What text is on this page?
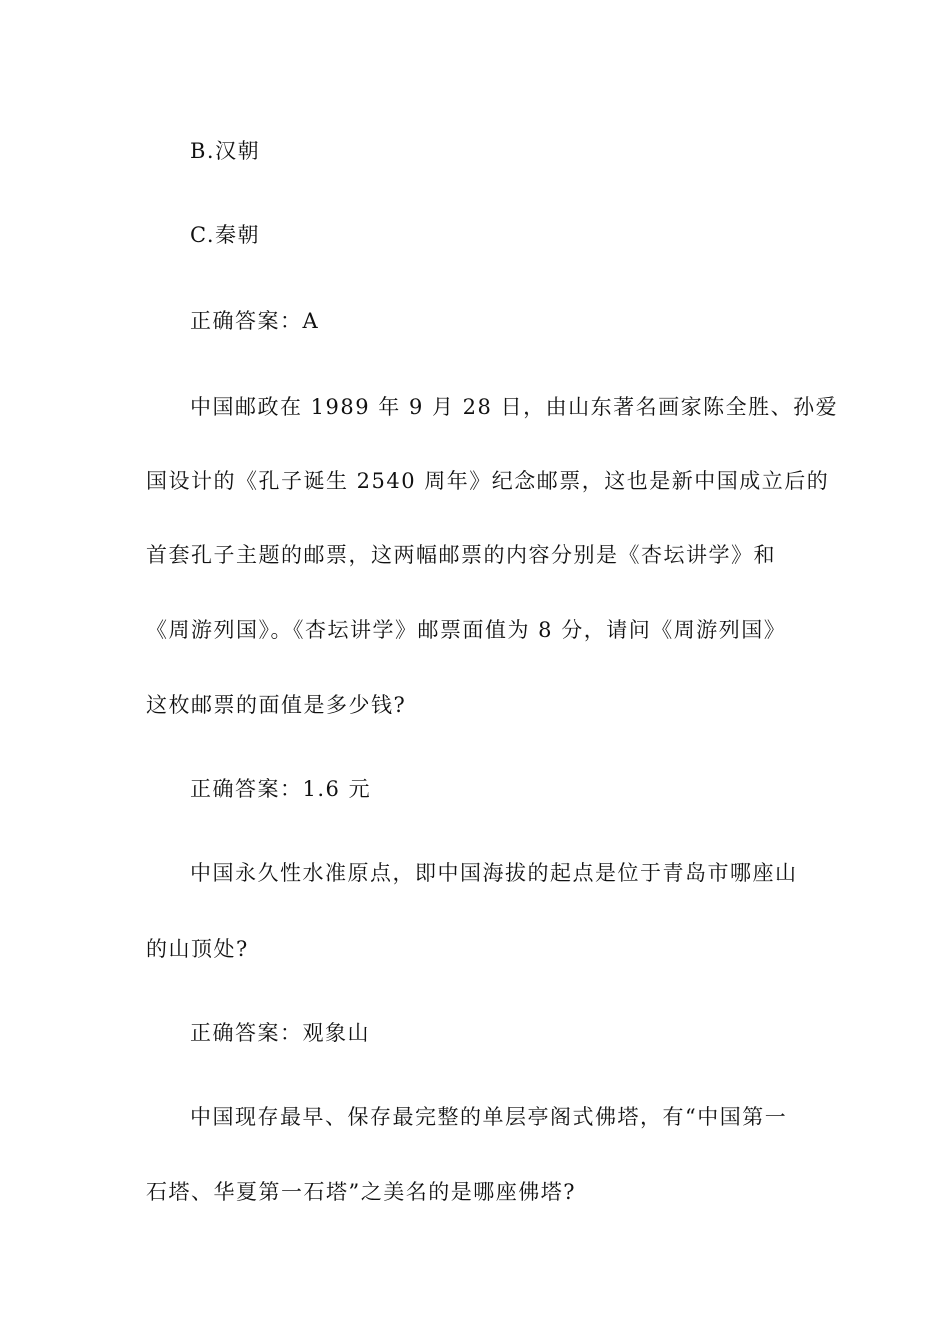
B.汉朝
C.秦朝
正确答案：A
中国邮政在 1989 年 9 月 28 日，由山东著名画家陈全胜、孙爱
国设计的《孔子诞生 2540 周年》纪念邮票，这也是新中国成立后的
首套孔子主题的邮票，这两幅邮票的内容分别是《杏坛讲学》和
《周游列国》。《杏坛讲学》邮票面值为 8 分，请问《周游列国》
这枚邮票的面值是多少钱?
正确答案：1.6 元
中国永久性水准原点，即中国海拔的起点是位于青岛市哪座山
的山顶处?
正确答案：观象山
中国现存最早、保存最完整的单层亭阁式佛塔，有“中国第一
石塔、华夏第一石塔”之美名的是哪座佛塔?
